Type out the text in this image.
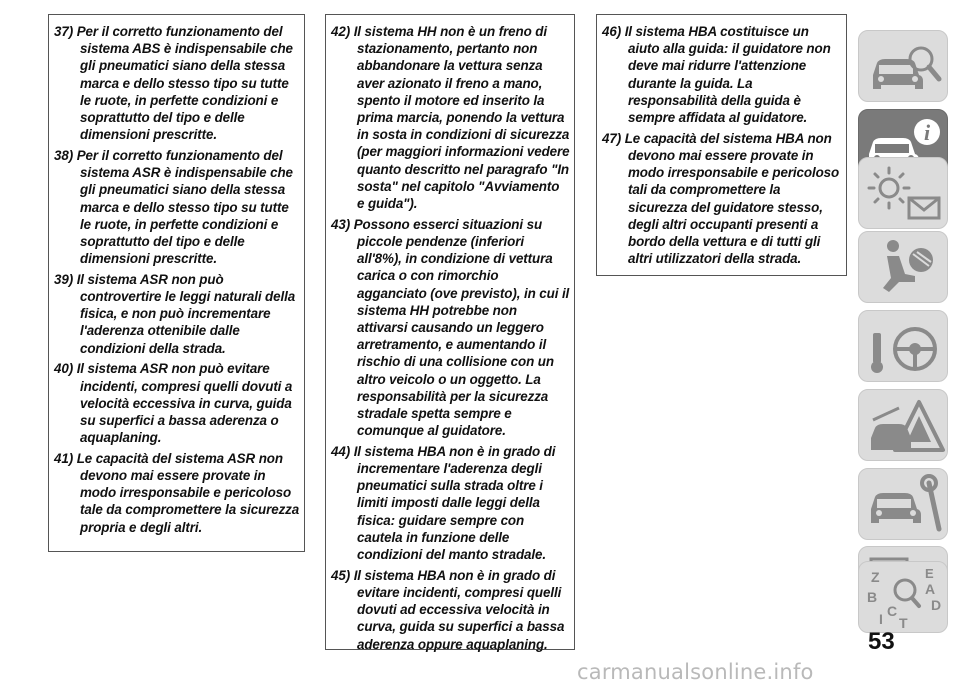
37) Per il corretto funzionamento del sistema ABS è indispensabile che gli pneumatici siano della stessa marca e dello stesso tipo su tutte le ruote, in perfette condizioni e soprattutto del tipo e delle dimensioni prescritte.

38) Per il corretto funzionamento del sistema ASR è indispensabile che gli pneumatici siano della stessa marca e dello stesso tipo su tutte le ruote, in perfette condizioni e soprattutto del tipo e delle dimensioni prescritte.

39) Il sistema ASR non può controvertire le leggi naturali della fisica, e non può incrementare l'aderenza ottenibile dalle condizioni della strada.

40) Il sistema ASR non può evitare incidenti, compresi quelli dovuti a velocità eccessiva in curva, guida su superfici a bassa aderenza o aquaplaning.

41) Le capacità del sistema ASR non devono mai essere provate in modo irresponsabile e pericoloso tale da compromettere la sicurezza propria e degli altri.

42) Il sistema HH non è un freno di stazionamento, pertanto non abbandonare la vettura senza aver azionato il freno a mano, spento il motore ed inserito la prima marcia, ponendo la vettura in sosta in condizioni di sicurezza (per maggiori informazioni vedere quanto descritto nel paragrafo "In sosta" nel capitolo "Avviamento e guida").

43) Possono esserci situazioni su piccole pendenze (inferiori all'8%), in condizione di vettura carica o con rimorchio agganciato (ove previsto), in cui il sistema HH potrebbe non attivarsi causando un leggero arretramento, e aumentando il rischio di una collisione con un altro veicolo o un oggetto. La responsabilità per la sicurezza stradale spetta sempre e comunque al guidatore.

44) Il sistema HBA non è in grado di incrementare l'aderenza degli pneumatici sulla strada oltre i limiti imposti dalle leggi della fisica: guidare sempre con cautela in funzione delle condizioni del manto stradale.

45) Il sistema HBA non è in grado di evitare incidenti, compresi quelli dovuti ad eccessiva velocità in curva, guida su superfici a bassa aderenza oppure aquaplaning.

46) Il sistema HBA costituisce un aiuto alla guida: il guidatore non deve mai ridurre l'attenzione durante la guida. La responsabilità della guida è sempre affidata al guidatore.

47) Le capacità del sistema HBA non devono mai essere provate in modo irresponsabile e pericoloso tali da compromettere la sicurezza del guidatore stesso, degli altri occupanti presenti a bordo della vettura e di tutti gli altri utilizzatori della strada.

i
Z	E
A
B
C
T
I
D
53
carmanualsonline.info
